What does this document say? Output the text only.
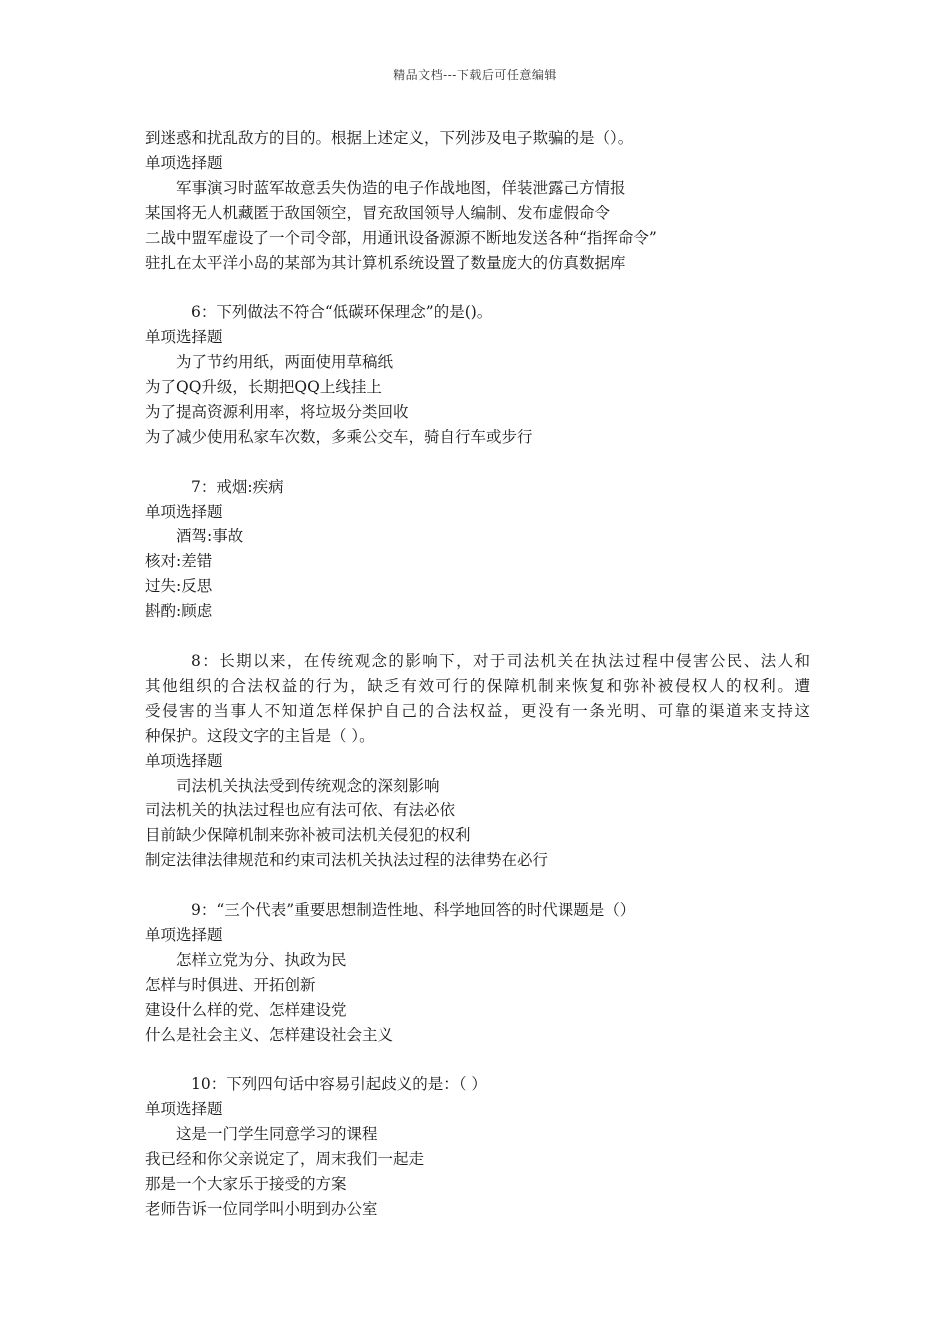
精品文档---下载后可任意编辑

到迷惑和扰乱敌方的目的。根据上述定义，下列涉及电子欺骗的是（）。

单项选择题

军事演习时蓝军故意丢失伪造的电子作战地图，佯装泄露己方情报

某国将无人机藏匿于敌国领空，冒充敌国领导人编制、发布虚假命令

二战中盟军虚设了一个司令部，用通讯设备源源不断地发送各种“指挥命令”

驻扎在太平洋小岛的某部为其计算机系统设置了数量庞大的仿真数据库

6：下列做法不符合“低碳环保理念”的是()。

单项选择题

为了节约用纸，两面使用草稿纸

为了QQ升级，长期把QQ上线挂上

为了提高资源利用率，将垃圾分类回收

为了减少使用私家车次数，多乘公交车，骑自行车或步行

7：戒烟:疾病

单项选择题

酒驾:事故

核对:差错

过失:反思

斟酌:顾虑

8：长期以来，在传统观念的影响下，对于司法机关在执法过程中侵害公民、法人和

其他组织的合法权益的行为，缺乏有效可行的保障机制来恢复和弥补被侵权人的权利。遭

受侵害的当事人不知道怎样保护自己的合法权益，更没有一条光明、可靠的渠道来支持这

种保护。这段文字的主旨是（ ）。

单项选择题

司法机关执法受到传统观念的深刻影响

司法机关的执法过程也应有法可依、有法必依

目前缺少保障机制来弥补被司法机关侵犯的权利

制定法律法律规范和约束司法机关执法过程的法律势在必行

9：“三个代表”重要思想制造性地、科学地回答的时代课题是（）

单项选择题

怎样立党为分、执政为民

怎样与时俱进、开拓创新

建设什么样的党、怎样建设党

什么是社会主义、怎样建设社会主义

10：下列四句话中容易引起歧义的是：（ ）

单项选择题

这是一门学生同意学习的课程

我已经和你父亲说定了，周末我们一起走

那是一个大家乐于接受的方案

老师告诉一位同学叫小明到办公室
